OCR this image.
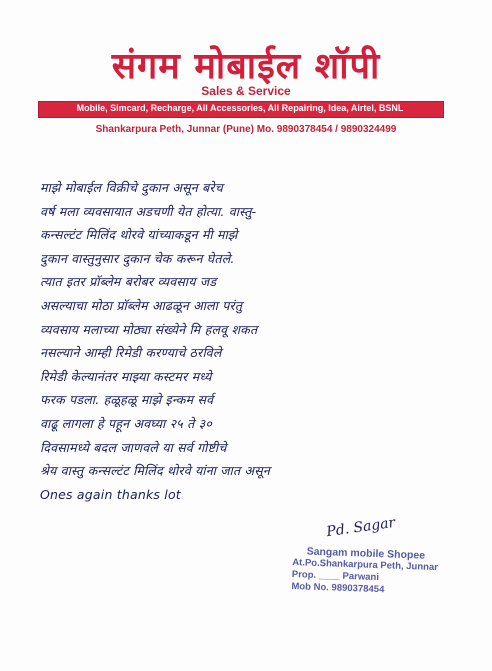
संगम मोबाईल शॉपी
Sales & Service
Mobile, Simcard, Recharge, All Accessories, All Repairing, Idea, Airtel, BSNL
Shankarpura Peth, Junnar (Pune) Mo. 9890378454 / 9890324499
माझे मोबाईल विक्रीचे दुकान असून बरेच
वर्ष मला व्यवसायात अडचणी येत होत्या. वास्तु-
कन्सल्टंट मिलिंद थोरवे यांच्याकडून मी माझे
दुकान वास्तुनुसार दुकान चेक करून घेतले.
त्यात इतर प्रॉब्लेम बरोबर व्यवसाय जड
असल्याचा मोठा प्रॉब्लेम आढळून आला परंतु
व्यवसाय मलाच्या मोठ्या संख्येने मि हलवू शकत
नसल्याने आम्ही रिमेडी करण्याचे ठरविले
रिमेडी केल्यानंतर माझ्या कस्टमर मध्ये
फरक पडला. हळूहळू माझे इन्कम सर्व
वाढू लागला हे पहून अवघ्या २५ ते ३०
दिवसामध्ये बदल जाणवले या सर्व गोष्टीचे
श्रेय वास्तु कन्सल्टंट मिलिंद थोरवे यांना जात असून
Ones again thanks lot
Pd. Sagar
Sangam mobile Shopee
At.Po.Shankarpura Peth, Junnar
Prop. ____ Parwani
Mob No. 9890378454
